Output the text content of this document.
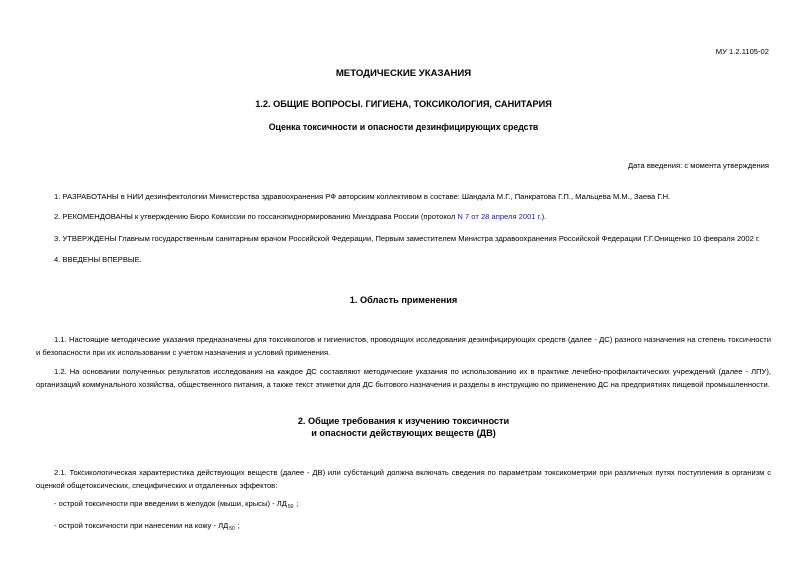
МУ 1.2.1105-02
МЕТОДИЧЕСКИЕ УКАЗАНИЯ
1.2. ОБЩИЕ ВОПРОСЫ. ГИГИЕНА, ТОКСИКОЛОГИЯ, САНИТАРИЯ
Оценка токсичности и опасности дезинфицирующих средств
Дата введения: с момента утверждения
1. РАЗРАБОТАНЫ в НИИ дезинфектологии Министерства здравоохранения РФ авторским коллективом в составе: Шандала М.Г., Панкратова Г.П., Мальцева М.М., Заева Г.Н.
2. РЕКОМЕНДОВАНЫ к утверждению Бюро Комиссии по госсанэпиднормированию Минздрава России (протокол N 7 от 28 апреля 2001 г.).
3. УТВЕРЖДЕНЫ Главным государственным санитарным врачом Российской Федерации, Первым заместителем Министра здравоохранения Российской Федерации Г.Г.Онищенко 10 февраля 2002 г.
4. ВВЕДЕНЫ ВПЕРВЫЕ.
1. Область применения
1.1. Настоящие методические указания предназначены для токсикологов и гигиенистов, проводящих исследования дезинфицирующих средств (далее - ДС) разного назначения на степень токсичности и безопасности при их использовании с учетом назначения и условий применения.
1.2. На основании полученных результатов исследования на каждое ДС составляют методические указания по использованию их в практике лечебно-профилактических учреждений (далее - ЛПУ), организаций коммунального хозяйства, общественного питания, а также текст этикетки для ДС бытового назначения и разделы в инструкцию по применению ДС на предприятиях пищевой промышленности.
2. Общие требования к изучению токсичности
и опасности действующих веществ (ДВ)
2.1. Токсикологическая характеристика действующих веществ (далее - ДВ) или субстанций должна включать сведения по параметрам токсикометрии при различных путях поступления в организм с оценкой общетоксических, специфических и отдаленных эффектов:
- острой токсичности при введении в желудок (мыши, крысы) - $ЛД_{50}$ ;
- острой токсичности при нанесении на кожу - $ЛД_{50}$ ;
